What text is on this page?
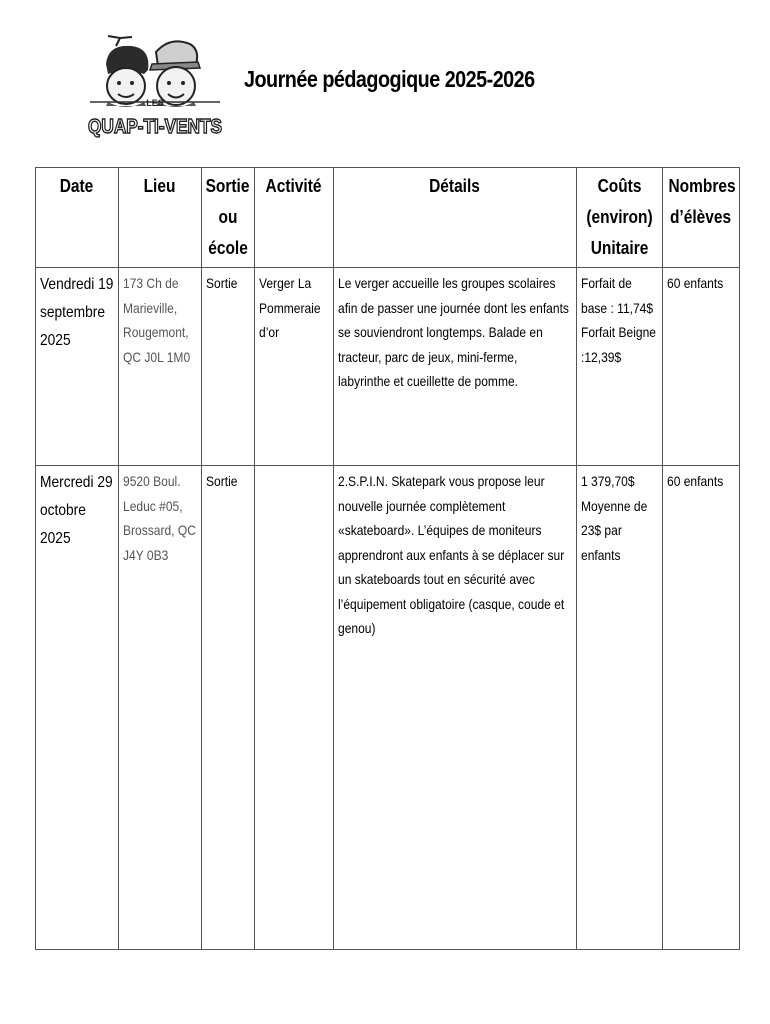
LES
QUAP-TI-VENTS
Journée pédagogique 2025-2026
Date	Lieu	Sortie
ou
école	Activité	Détails	Coûts
(environ)
Unitaire	Nombres
d’élèves

Vendredi 19 septembre 2025	173 Ch de Marieville, Rougemont, QC J0L 1M0	Sortie	Verger La Pommeraie d’or	Le verger accueille les groupes scolaires afin de passer une journée dont les enfants se souviendront longtemps. Balade en tracteur, parc de jeux, mini-ferme, labyrinthe et cueillette de pomme.	Forfait de base : 11,74$ Forfait Beigne :12,39$	60 enfants

Mercredi 29 octobre 2025	9520 Boul. Leduc #05, Brossard, QC J4Y 0B3	Sortie		2.S.P.I.N. Skatepark vous propose leur nouvelle journée complètement «skateboard». L’équipes de moniteurs apprendront aux enfants à se déplacer sur un skateboards tout en sécurité avec l’équipement obligatoire (casque, coude et genou)	1 379,70$ Moyenne de 23$ par enfants	60 enfants
